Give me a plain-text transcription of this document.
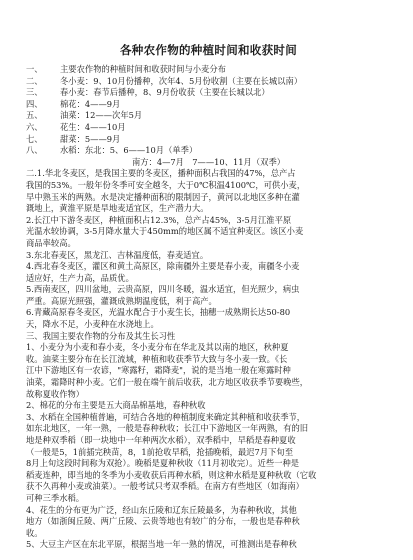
各种农作物的种植时间和收获时间
一、	主要农作物的种植时间和收获时间与小麦分布
二、	冬小麦：9、10月份播种，次年4、5月份收割（主要在长城以南）
三、	春小麦：春节后播种，8、9月份收获（主要在长城以北）
四、	棉花：4——9月
五、	油菜：12——次年5月
六、	花生：4——10月
七、	甜菜：5——9月
八、	水稻：东北：5、6——10月（单季）
南方：4—7月　7——10、11月（双季）
二.1.华北冬麦区，是我国主要的冬麦区，播种面积占我国的47%，总产占
我国的53%。一般年份冬季可安全越冬，大于0℃积温4100℃，可供小麦，
早中熟玉米的两熟。水是决定播种面积的限制因子，黄河以北地区多种在灌
溉地上，黄淮平原是旱地麦适宜区，生产潜力大。
2.长江中下游冬麦区，种植面积占12.3%，总产占45%，3-5月江淮平原
光温水较协调，3-5月降水量大于450mm的地区属不适宜种麦区。该区小麦
商品率较高。
3.东北春麦区，黑龙江、吉林温度低，春麦适宜。
4.西北春冬麦区，灌区和黄土高原区，除南疆外主要是春小麦，南疆冬小麦
适应好，生产力高，品质优。
5.西南麦区，四川盆地，云贵高原，四川冬暖，温水适宜，但光照少，病虫
严重。高原光照强，灌溉成熟期温度低，利于高产。
6.青藏高原春冬麦区，光温水配合于小麦生长，抽穗一成熟期长达50-80
天，降水不足，小麦种在水浇地上。
三、我国主要农作物的分布及其生长习性
1、小麦分为小麦和春小麦，冬小麦分布在华北及其以南的地区，秋种夏
收。油菜主要分布在长江流域，种植和收获季节大致与冬小麦一致。《长
江中下游地区有一农谚，"寒露籽，霜降麦"，说的是当地一般在寒露时种
油菜，霜降时种小麦。它们一般在端午前后收获，北方地区收获季节要晚些，
故称夏收作物）
2、棉花的分布主要是五大商品棉基地，春种秋收
3、水稻在全国种植普遍，可结合各地的种植制度来确定其种植和收获季节，
如东北地区，一年一熟，一般是春种秋收；长江中下游地区一年两熟，有的旧
地是种双季稻（即一块地中一年种两次水稻），双季稻中，早稻是春种夏收
（一般是5，1前插完秧苗，8，1前抢收早稻，抢插晚稻，最迟7月下旬至
8月上旬这段时间称为双抢）。晚稻是夏种秋收（11月初收完）。近些一种是
稻麦连种，即当地的冬季为小麦收获后再种水稻，则这种水稻是夏种秋收（它收
获不久再种小麦或油菜）。一般考试只考双季稻。在南方有些地区（如海南）
可种三季水稻。
4、花生的分布更为广泛，经山东丘陵和辽东丘陵最多，为春种秋收，其他
地方（如浙闽丘陵、两广丘陵、云贵等地也有较广的分布，一般也是春种秋
收。
5、大豆主产区在东北平原，根据当地一年一熟的情况，可推测出是春种秋
